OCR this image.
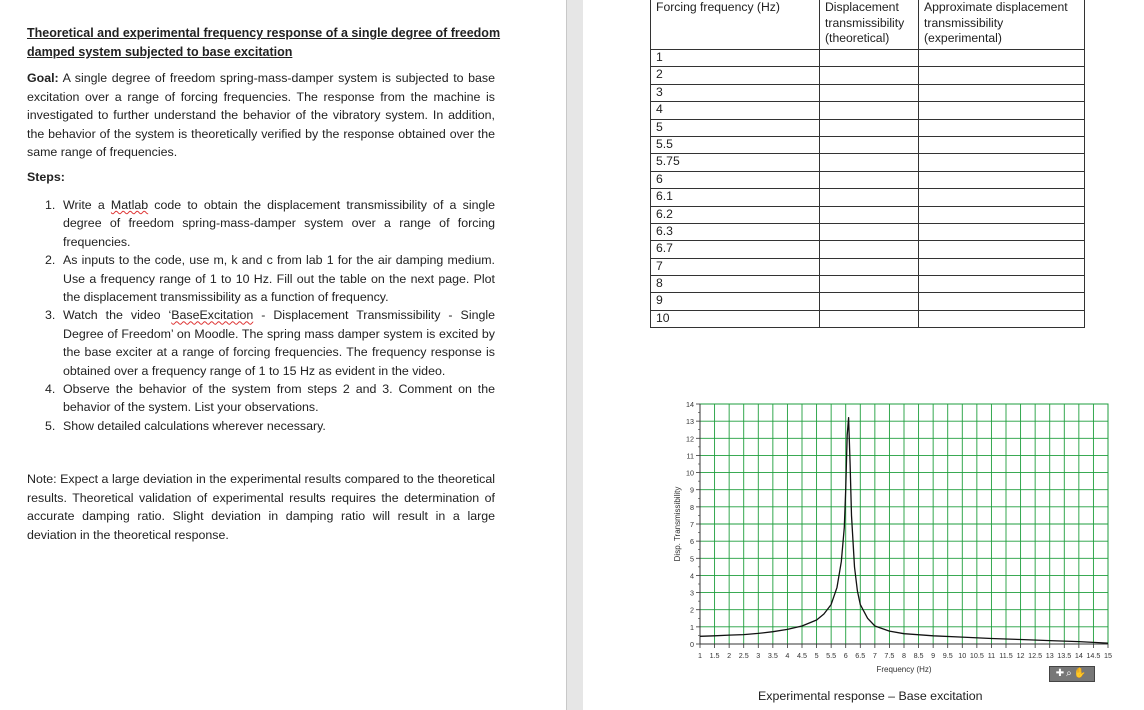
Theoretical and experimental frequency response of a single degree of freedom damped system subjected to base excitation
Goal: A single degree of freedom spring-mass-damper system is subjected to base excitation over a range of forcing frequencies. The response from the machine is investigated to further understand the behavior of the vibratory system. In addition, the behavior of the system is theoretically verified by the response obtained over the same range of frequencies.
Steps:
1. Write a Matlab code to obtain the displacement transmissibility of a single degree of freedom spring-mass-damper system over a range of forcing frequencies.
2. As inputs to the code, use m, k and c from lab 1 for the air damping medium. Use a frequency range of 1 to 10 Hz. Fill out the table on the next page. Plot the displacement transmissibility as a function of frequency.
3. Watch the video ‘BaseExcitation - Displacement Transmissibility - Single Degree of Freedom’ on Moodle. The spring mass damper system is excited by the base exciter at a range of forcing frequencies. The frequency response is obtained over a frequency range of 1 to 15 Hz as evident in the video.
4. Observe the behavior of the system from steps 2 and 3. Comment on the behavior of the system. List your observations.
5. Show detailed calculations wherever necessary.
Note: Expect a large deviation in the experimental results compared to the theoretical results. Theoretical validation of experimental results requires the determination of accurate damping ratio. Slight deviation in damping ratio will result in a large deviation in the theoretical response.
Forcing frequency (Hz)	Displacement transmissibility (theoretical)	Approximate displacement transmissibility (experimental)
1		
2		
3		
4		
5		
5.5		
5.75		
6		
6.1		
6.2		
6.3		
6.7		
7		
8		
9		
10		
1 1.5 2 2.5 3 3.5 4 4.5 5 5.5 6 6.5 7 7.5 8 8.5 9 9.5 10 10.5 11 11.5 12 12.5 13 13.5 14 14.5 15
0
1
2
3
4
5
6
7
8
9
10
11
12
13
14
Frequency (Hz)
Disp. Transmissibility
✚⌕✋
Experimental response – Base excitation
